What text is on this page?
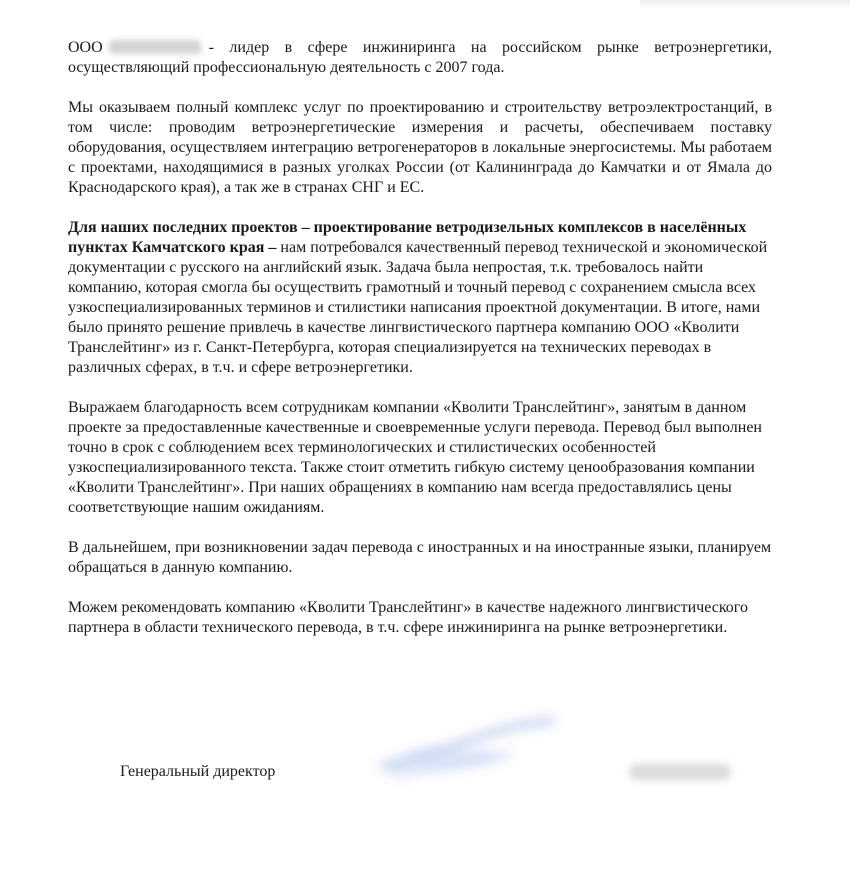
ООО	- лидер в сфере инжиниринга на российском рынке ветроэнергетики, осуществляющий профессиональную деятельность с 2007 года.

Мы оказываем полный комплекс услуг по проектированию и строительству ветроэлектростанций, в том числе: проводим ветроэнергетические измерения и расчеты, обеспечиваем поставку оборудования, осуществляем интеграцию ветрогенераторов в локальные энергосистемы. Мы работаем с проектами, находящимися в разных уголках России (от Калининграда до Камчатки и от Ямала до Краснодарского края), а так же в странах СНГ и ЕС.

Для наших последних проектов – проектирование ветродизельных комплексов в населённых пунктах Камчатского края – нам потребовался качественный перевод технической и экономической документации с русского на английский язык. Задача была непростая, т.к. требовалось найти компанию, которая смогла бы осуществить грамотный и точный перевод с сохранением смысла всех узкоспециализированных терминов и стилистики написания проектной документации. В итоге, нами было принято решение привлечь в качестве лингвистического партнера компанию ООО «Кволити Транслейтинг» из г. Санкт-Петербурга, которая специализируется на технических переводах в различных сферах, в т.ч. и сфере ветроэнергетики.

Выражаем благодарность всем сотрудникам компании «Кволити Транслейтинг», занятым в данном проекте за предоставленные качественные и своевременные услуги перевода. Перевод был выполнен точно в срок с соблюдением всех терминологических и стилистических особенностей узкоспециализированного текста. Также стоит отметить гибкую систему ценообразования компании «Кволити Транслейтинг». При наших обращениях в компанию нам всегда предоставлялись цены соответствующие нашим ожиданиям.

В дальнейшем, при возникновении задач перевода с иностранных и на иностранные языки, планируем обращаться в данную компанию.

Можем рекомендовать компанию «Кволити Транслейтинг» в качестве надежного лингвистического партнера в области технического перевода, в т.ч. сфере инжиниринга на рынке ветроэнергетики.

Генеральный директор
